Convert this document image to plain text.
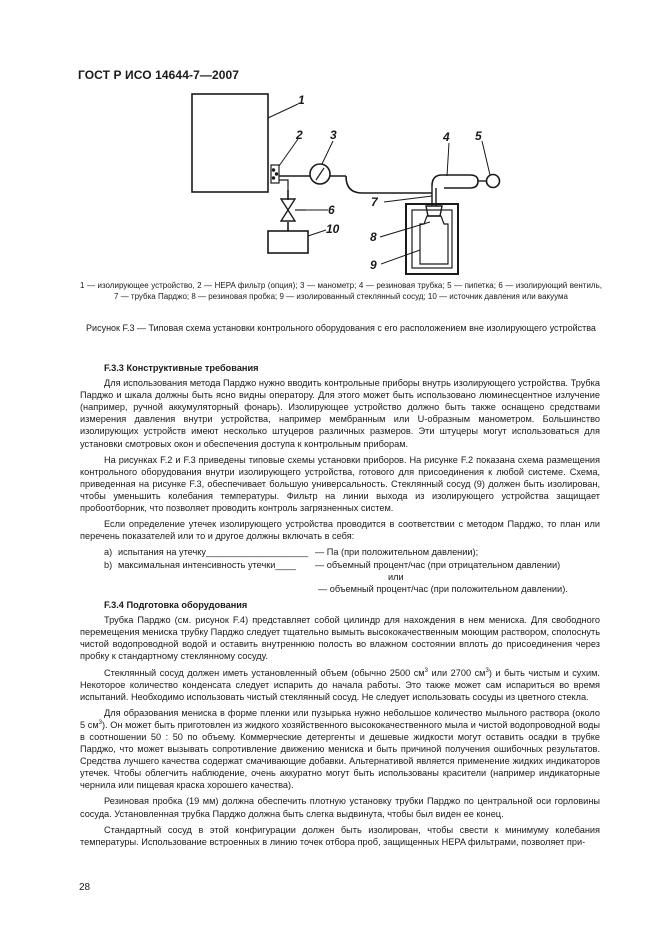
ГОСТ Р ИСО 14644-7—2007
1
2 3	4 5
6
7
8
9
10
1 — изолирующее устройство, 2 — HEPA фильтр (опция); 3 — манометр; 4 — резиновая трубка; 5 — пипетка; 6 — изолирующий вентиль, 7 — трубка Парджо; 8 — резиновая пробка; 9 — изолированный стеклянный сосуд; 10 — источник давления или вакуума
Рисунок F.3 — Типовая схема установки контрольного оборудования с его расположением вне изолирующего устройства
F.3.3 Конструктивные требования

Для использования метода Парджо нужно вводить контрольные приборы внутрь изолирующего устройства. Трубка Парджо и шкала должны быть ясно видны оператору. Для этого может быть использовано люминесцентное излучение (например, ручной аккумуляторный фонарь). Изолирующее устройство должно быть также оснащено средствами измерения давления внутри устройства, например мембранным или U-образным манометром. Большинство изолирующих устройств имеют несколько штуцеров различных размеров. Эти штуцеры могут использоваться для установки смотровых окон и обеспечения доступа к контрольным приборам.

На рисунках F.2 и F.3 приведены типовые схемы установки приборов. На рисунке F.2 показана схема размещения контрольного оборудования внутри изолирующего устройства, готового для присоединения к любой системе. Схема, приведенная на рисунке F.3, обеспечивает большую универсальность. Стеклянный сосуд (9) должен быть изолирован, чтобы уменьшить колебания температуры. Фильтр на линии выхода из изолирующего устройства защищает пробоотборник, что позволяет проводить контроль загрязненных систем.

Если определение утечек изолирующего устройства проводится в соответствии с методом Парджо, то план или перечень показателей или то и другое должны включать в себя:

a) испытания на утечку____________________ — Па (при положительном давлении);
b) максимальная интенсивность утечки____ — объемный процент/час (при отрицательном давлении)
или
— объемный процент/час (при положительном давлении).
F.3.4 Подготовка оборудования

Трубка Парджо (см. рисунок F.4) представляет собой цилиндр для нахождения в нем мениска. Для свободного перемещения мениска трубку Парджо следует тщательно вымыть высококачественным моющим раствором, сполоснуть чистой водопроводной водой и оставить внутреннюю полость во влажном состоянии вплоть до присоединения через пробку к стандартному стеклянному сосуду.

Стеклянный сосуд должен иметь установленный объем (обычно 2500 $см^3$ или 2700 $см^3$) и быть чистым и сухим. Некоторое количество конденсата следует испарить до начала работы. Это также может сам испариться во время испытаний. Необходимо использовать чистый стеклянный сосуд. Не следует использовать сосуды из цветного стекла.

Для образования мениска в форме пленки или пузырька нужно небольшое количество мыльного раствора (около 5 $см^3$). Он может быть приготовлен из жидкого хозяйственного высококачественного мыла и чистой водопроводной воды в соотношении 50 : 50 по объему. Коммерческие детергенты и дешевые жидкости могут оставить осадки в трубке Парджо, что может вызывать сопротивление движению мениска и быть причиной получения ошибочных результатов. Средства лучшего качества содержат смачивающие добавки. Альтернативой является применение жидких индикаторов утечек. Чтобы облегчить наблюдение, очень аккуратно могут быть использованы красители (например индикаторные чернила или пищевая краска хорошего качества).

Резиновая пробка (19 мм) должна обеспечить плотную установку трубки Парджо по центральной оси горловины сосуда. Установленная трубка Парджо должна быть слегка выдвинута, чтобы был виден ее конец.

Стандартный сосуд в этой конфигурации должен быть изолирован, чтобы свести к минимуму колебания температуры. Использование встроенных в линию точек отбора проб, защищенных HEPA фильтрами, позволяет при-

28
